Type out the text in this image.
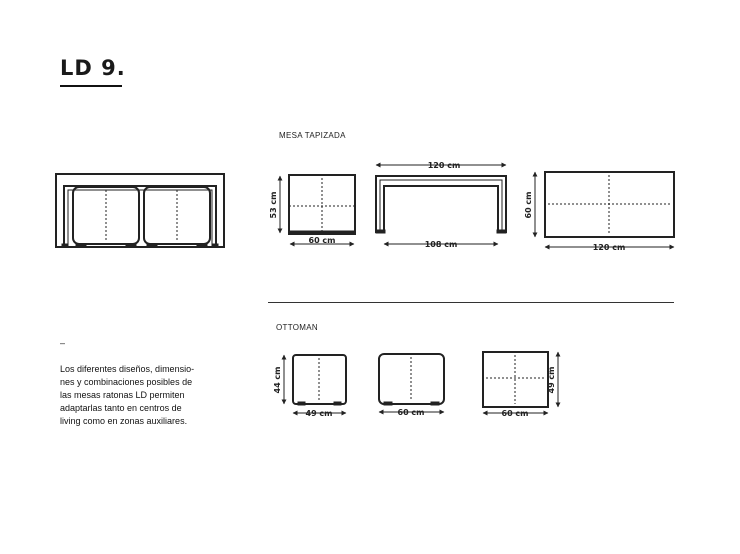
LD 9.
MESA TAPIZADA
OTTOMAN
–

Los diferentes diseños, dimensio-
nes y combinaciones posibles de
las mesas ratonas LD permiten
adaptarlas tanto en centros de
living como en zonas auxiliares.

53 cm
60 cm
120 cm
108 cm
60 cm
120 cm
44 cm
49 cm	60 cm
49 cm
60 cm
